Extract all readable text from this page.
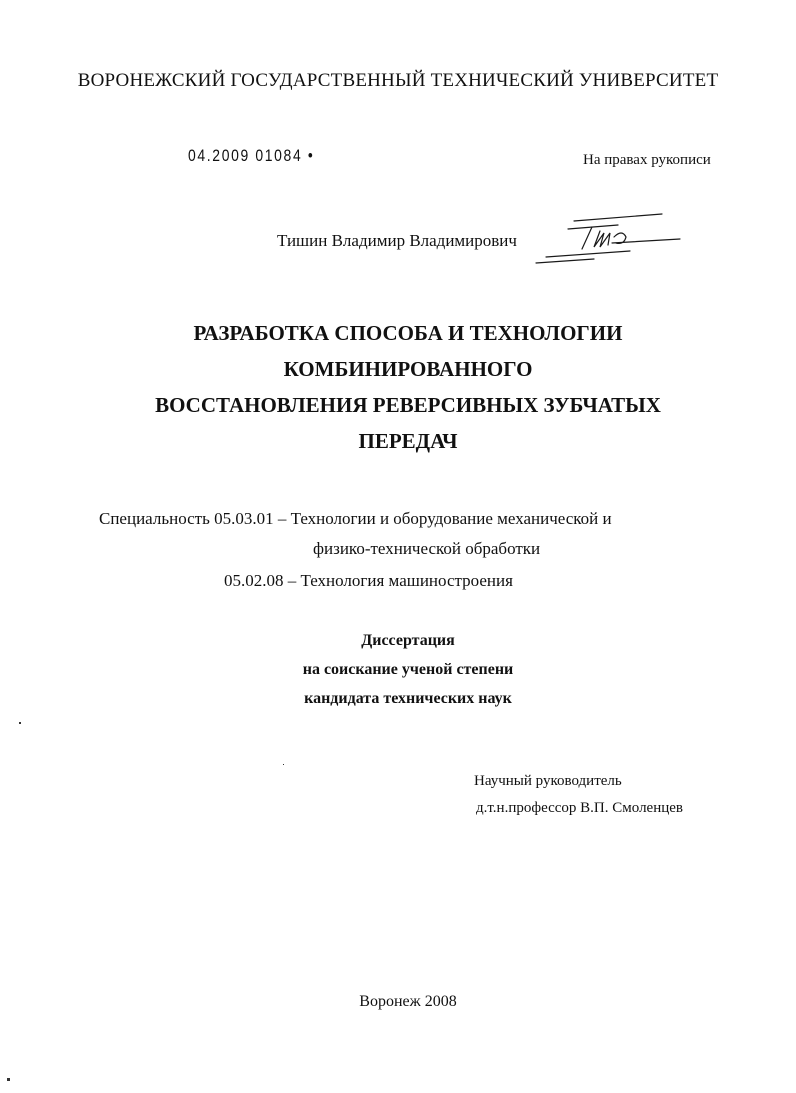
ВОРОНЕЖСКИЙ ГОСУДАРСТВЕННЫЙ ТЕХНИЧЕСКИЙ УНИВЕРСИТЕТ
04.2009 01084 •	На правах рукописи
Тишин Владимир Владимирович
РАЗРАБОТКА СПОСОБА И ТЕХНОЛОГИИ
КОМБИНИРОВАННОГО
ВОССТАНОВЛЕНИЯ РЕВЕРСИВНЫХ ЗУБЧАТЫХ
ПЕРЕДАЧ
Специальность 05.03.01 – Технологии и оборудование механической и
физико-технической обработки
05.02.08 – Технология машиностроения
Диссертация
на соискание ученой степени
кандидата технических наук
Научный руководитель
д.т.н.профессор В.П. Смоленцев
Воронеж 2008
